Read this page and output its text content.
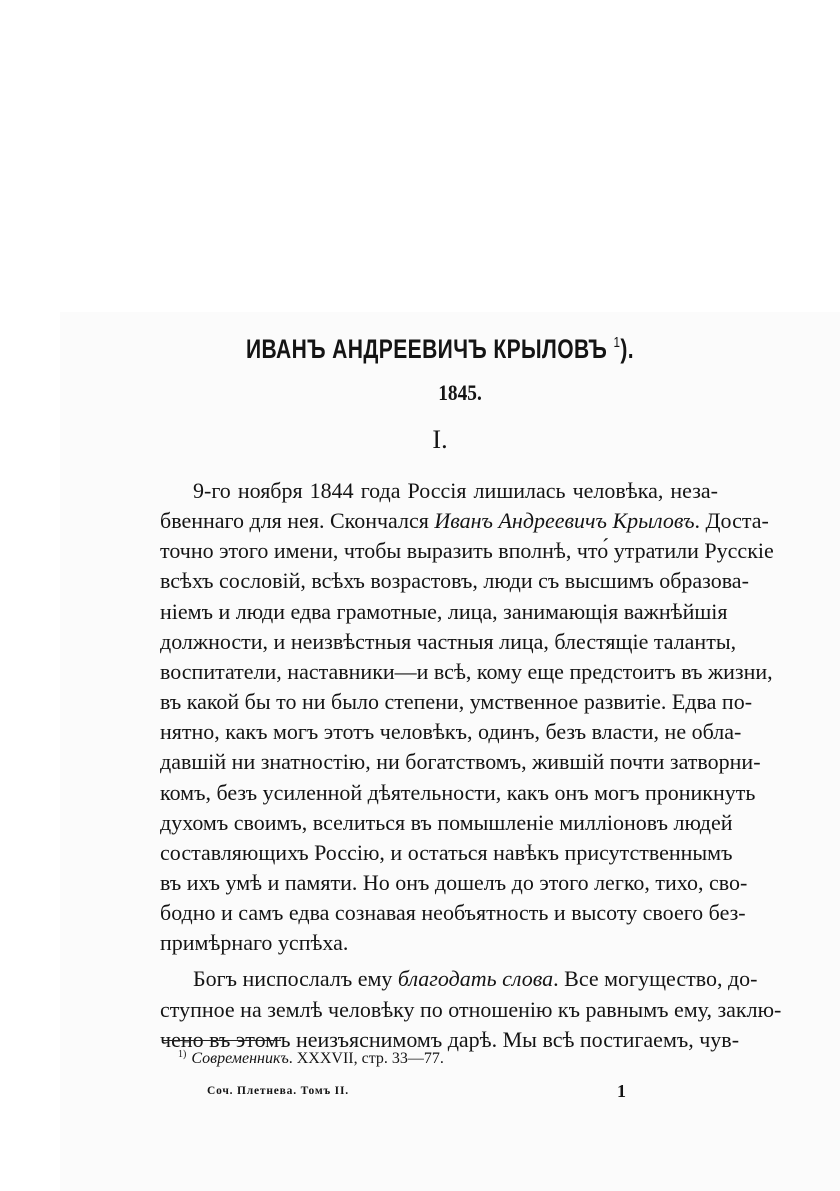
ИВАНЪ АНДРЕЕВИЧЪ КРЫЛОВЪ $^1$).
1845.
I.
9-го ноября 1844 года Россія лишилась человѣка, неза-
бвеннаго для нея. Скончался Иванъ Андреевичъ Крыловъ. Доста-
точно этого имени, чтобы выразить вполнѣ, что́ утратили Русскіе
всѣхъ сословій, всѣхъ возрастовъ, люди съ высшимъ образова-
ніемъ и люди едва грамотные, лица, занимающія важнѣйшія
должности, и неизвѣстныя частныя лица, блестящіе таланты,
воспитатели, наставники—и всѣ, кому еще предстоитъ въ жизни,
въ какой бы то ни было степени, умственное развитіе. Едва по-
нятно, какъ могъ этотъ человѣкъ, одинъ, безъ власти, не обла-
давшій ни знатностію, ни богатствомъ, жившій почти затворни-
комъ, безъ усиленной дѣятельности, какъ онъ могъ проникнуть
духомъ своимъ, вселиться въ помышленіе милліоновъ людей
составляющихъ Россію, и остаться навѣкъ присутственнымъ
въ ихъ умѣ и памяти. Но онъ дошелъ до этого легко, тихо, сво-
бодно и самъ едва сознавая необъятность и высоту своего без-
примѣрнаго успѣха.
Богъ ниспослалъ ему благодать слова. Все могущество, до-
ступное на землѣ человѣку по отношенію къ равнымъ ему, заклю-
чено въ этомъ неизъяснимомъ дарѣ. Мы всѣ постигаемъ, чув-
$^{1)}$ Современникъ. XXXVII, стр. 33—77.
Соч. Плетнева. Томъ II.	1
